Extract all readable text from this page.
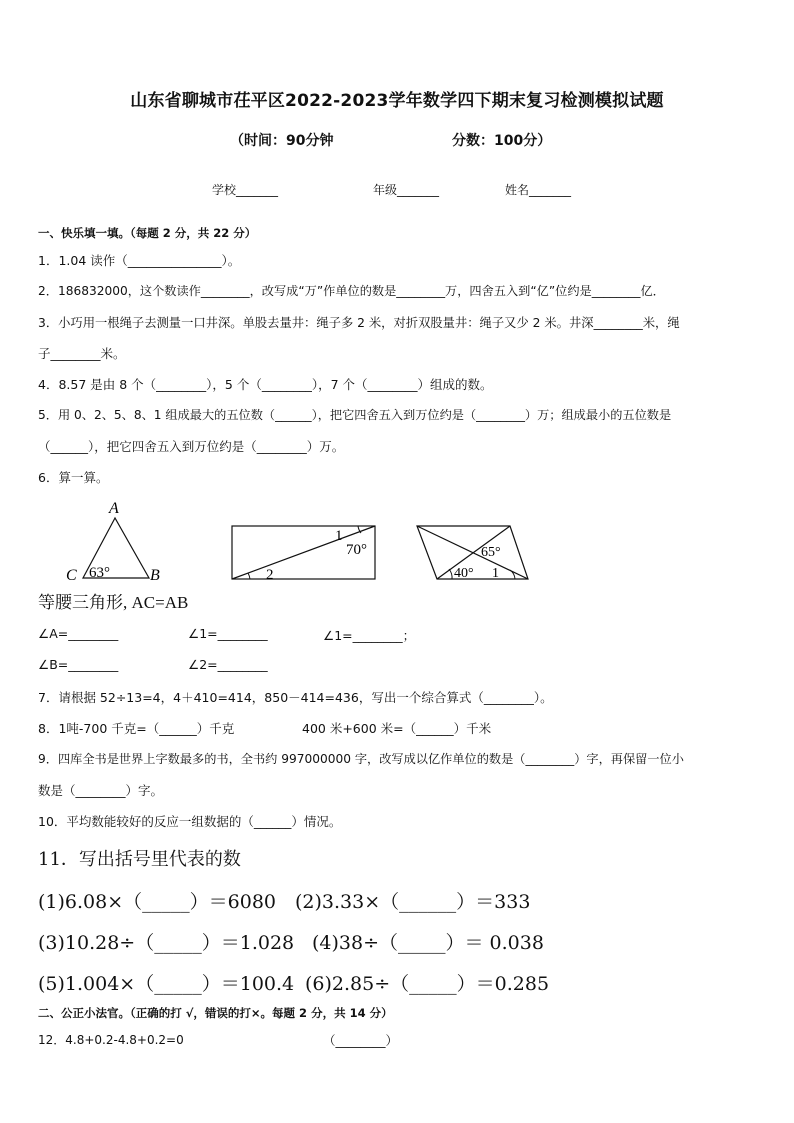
山东省聊城市茌平区2022-2023学年数学四下期末复习检测模拟试题
（时间：90分钟	分数：100分）
学校_______	年级_______	姓名_______
一、快乐填一填。（每题 2 分，共 22 分）
1．1.04 读作（_______________）。
2．186832000，这个数读作________，改写成“万”作单位的数是________万，四舍五入到“亿”位约是________亿．
3．小巧用一根绳子去测量一口井深。单股去量井：绳子多 2 米，对折双股量井：绳子又少 2 米。井深________米，绳
子________米。
4．8.57 是由 8 个（________），5 个（________），7 个（________）组成的数。
5．用 0、2、5、8、1 组成最大的五位数（______），把它四舍五入到万位约是（________）万；组成最小的五位数是
（______），把它四舍五入到万位约是（________）万。
6．算一算。
A
C	B
63°
1
70°
2
65°
40° 1
等腰三角形, AC=AB
∠A=________	∠1=________	∠1=________；
∠B=________	∠2=________
7．请根据 52÷13=4，4＋410=414，850－414=436，写出一个综合算式（________）。
8．1吨-700 千克=（______）千克	400 米+600 米=（______）千米
9．四库全书是世界上字数最多的书，全书约 997000000 字，改写成以亿作单位的数是（________）字，再保留一位小
数是（________）字。
10．平均数能较好的反应一组数据的（______）情况。
11．写出括号里代表的数
(1)6.08×（_____）＝6080 (2)3.33×（______）＝333
(3)10.28÷（_____）＝1.028 (4)38÷（_____）＝ 0.038
(5)1.004×（_____）＝100.4 (6)2.85÷（_____）＝0.285
二、公正小法官。（正确的打 √，错误的打×。每题 2 分，共 14 分）
12．4.8+0.2-4.8+0.2=0	（________）
